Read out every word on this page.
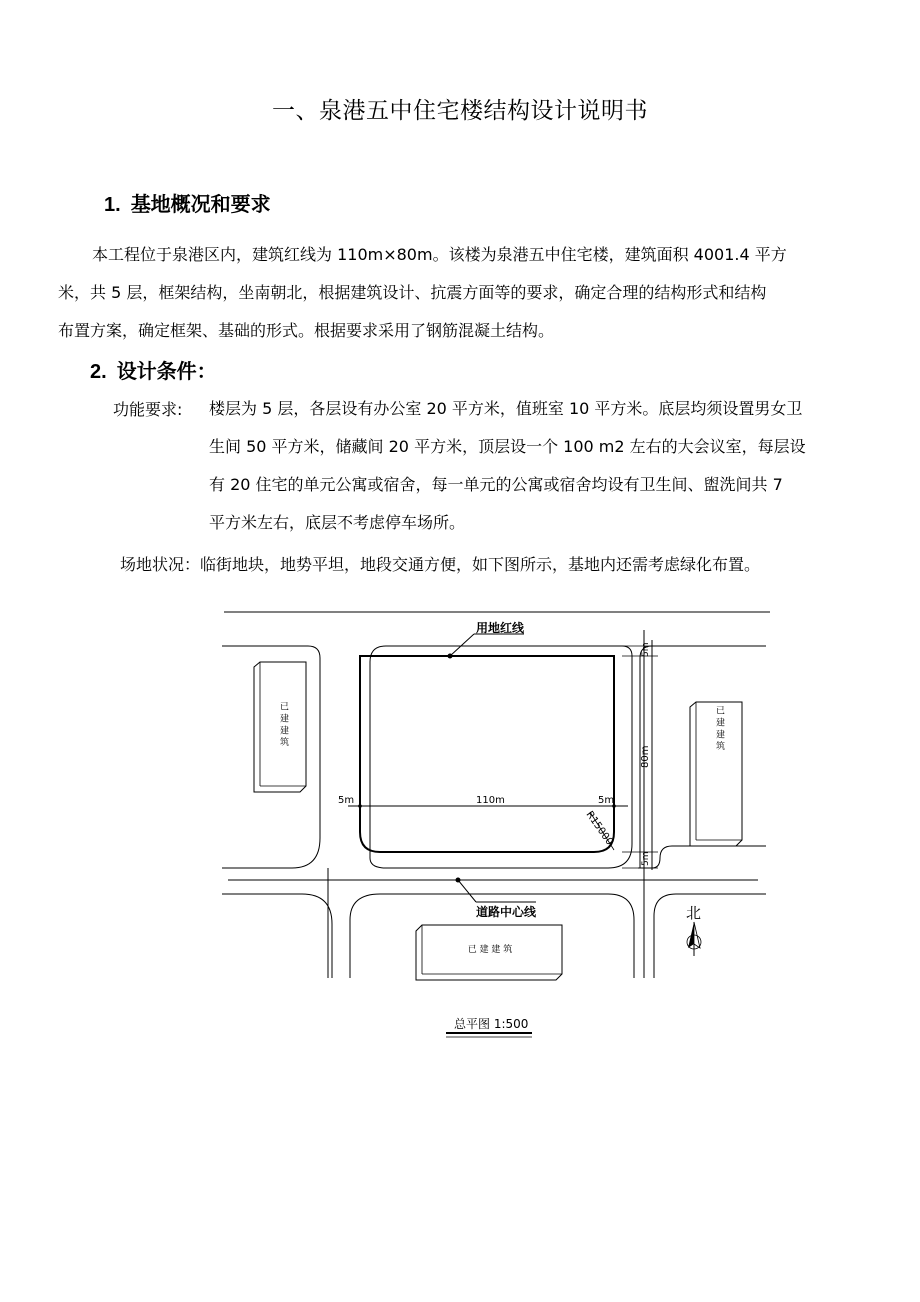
一、泉港五中住宅楼结构设计说明书
1. 基地概况和要求
本工程位于泉港区内，建筑红线为 110m×80m。该楼为泉港五中住宅楼，建筑面积 4001.4 平方
米，共 5 层，框架结构，坐南朝北，根据建筑设计、抗震方面等的要求，确定合理的结构形式和结构
布置方案，确定框架、基础的形式。根据要求采用了钢筋混凝土结构。
2. 设计条件：
功能要求: 楼层为 5 层，各层设有办公室 20 平方米，值班室 10 平方米。底层均须设置男女卫
生间 50 平方米，储藏间 20 平方米，顶层设一个 100 m2 左右的大会议室，每层设
有 20 住宅的单元公寓或宿舍，每一单元的公寓或宿舍均设有卫生间、盥洗间共 7
平方米左右，底层不考虑停车场所。
场地状况：临街地块，地势平坦，地段交通方便，如下图所示，基地内还需考虑绿化布置。
用地红线
110m
5m	5m
80m
5m
5m
R15000
已 建 建 筑	已 建 建 筑
已 建 建 筑
道路中心线	北
总平图 1:500
